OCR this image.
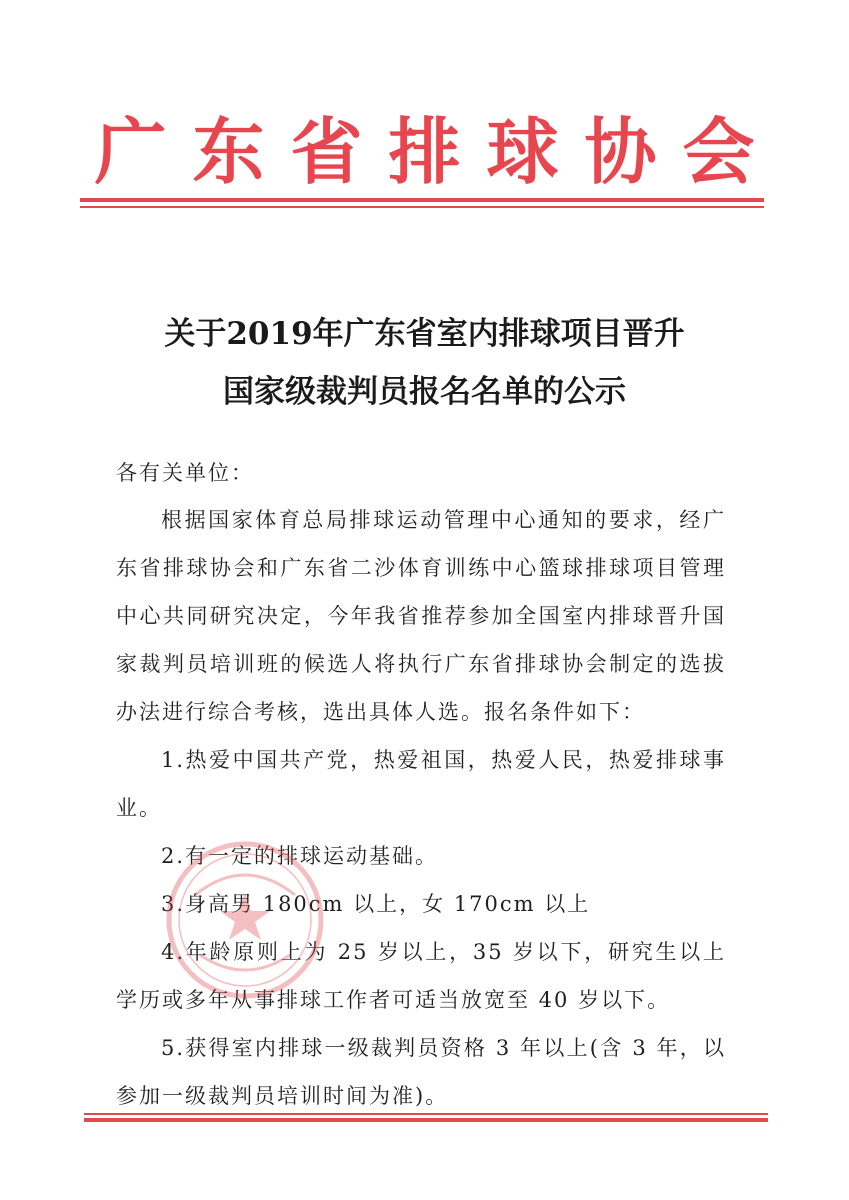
广东省排球协会
关于2019年广东省室内排球项目晋升
国家级裁判员报名名单的公示
各有关单位：

根据国家体育总局排球运动管理中心通知的要求，经广东省排球协会和广东省二沙体育训练中心篮球排球项目管理中心共同研究决定，今年我省推荐参加全国室内排球晋升国家裁判员培训班的候选人将执行广东省排球协会制定的选拔办法进行综合考核，选出具体人选。报名条件如下：

1.热爱中国共产党，热爱祖国，热爱人民，热爱排球事业。

2.有一定的排球运动基础。

3.身高男 180cm 以上，女 170cm 以上

4.年龄原则上为 25 岁以上，35 岁以下，研究生以上学历或多年从事排球工作者可适当放宽至 40 岁以下。

5.获得室内排球一级裁判员资格 3 年以上(含 3 年，以参加一级裁判员培训时间为准)。
